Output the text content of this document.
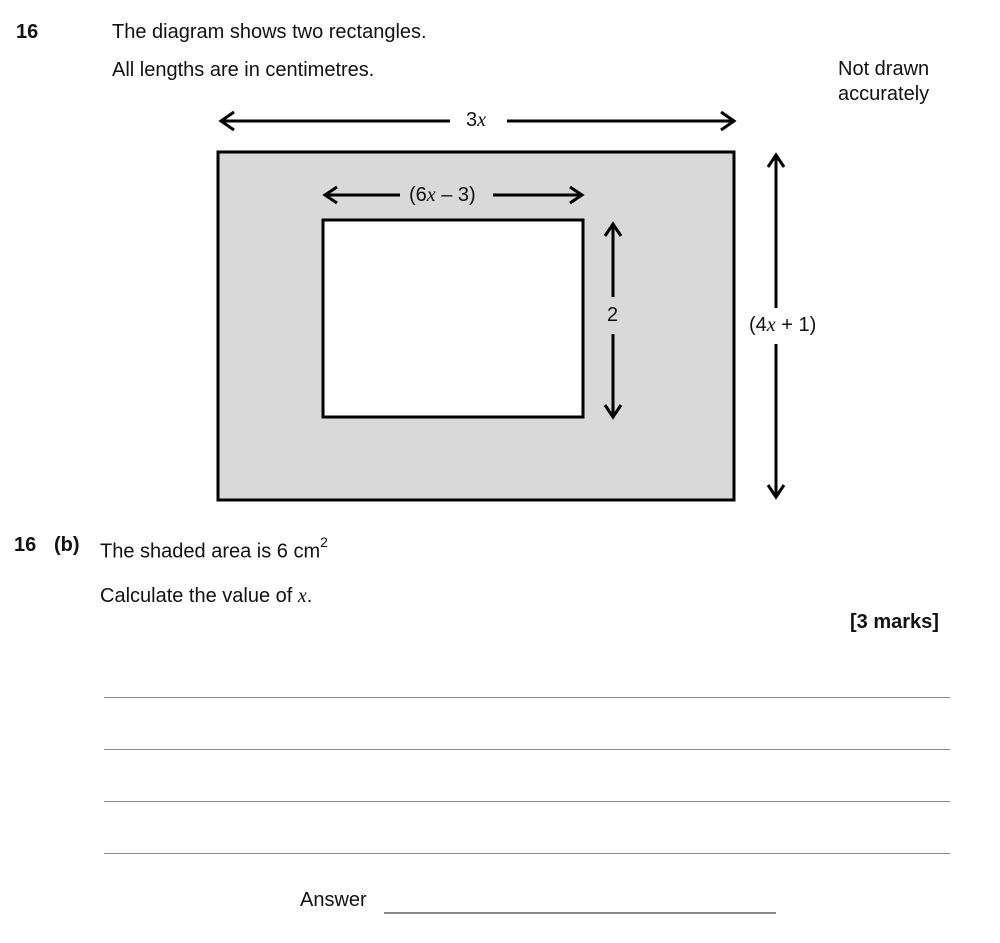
16	The diagram shows two rectangles.
All lengths are in centimetres.	Not drawn
accurately
3x
(6x – 3)
2	(4x + 1)
16 (b) The shaded area is 6 $cm^2$
Calculate the value of x.
[3 marks]
Answer
